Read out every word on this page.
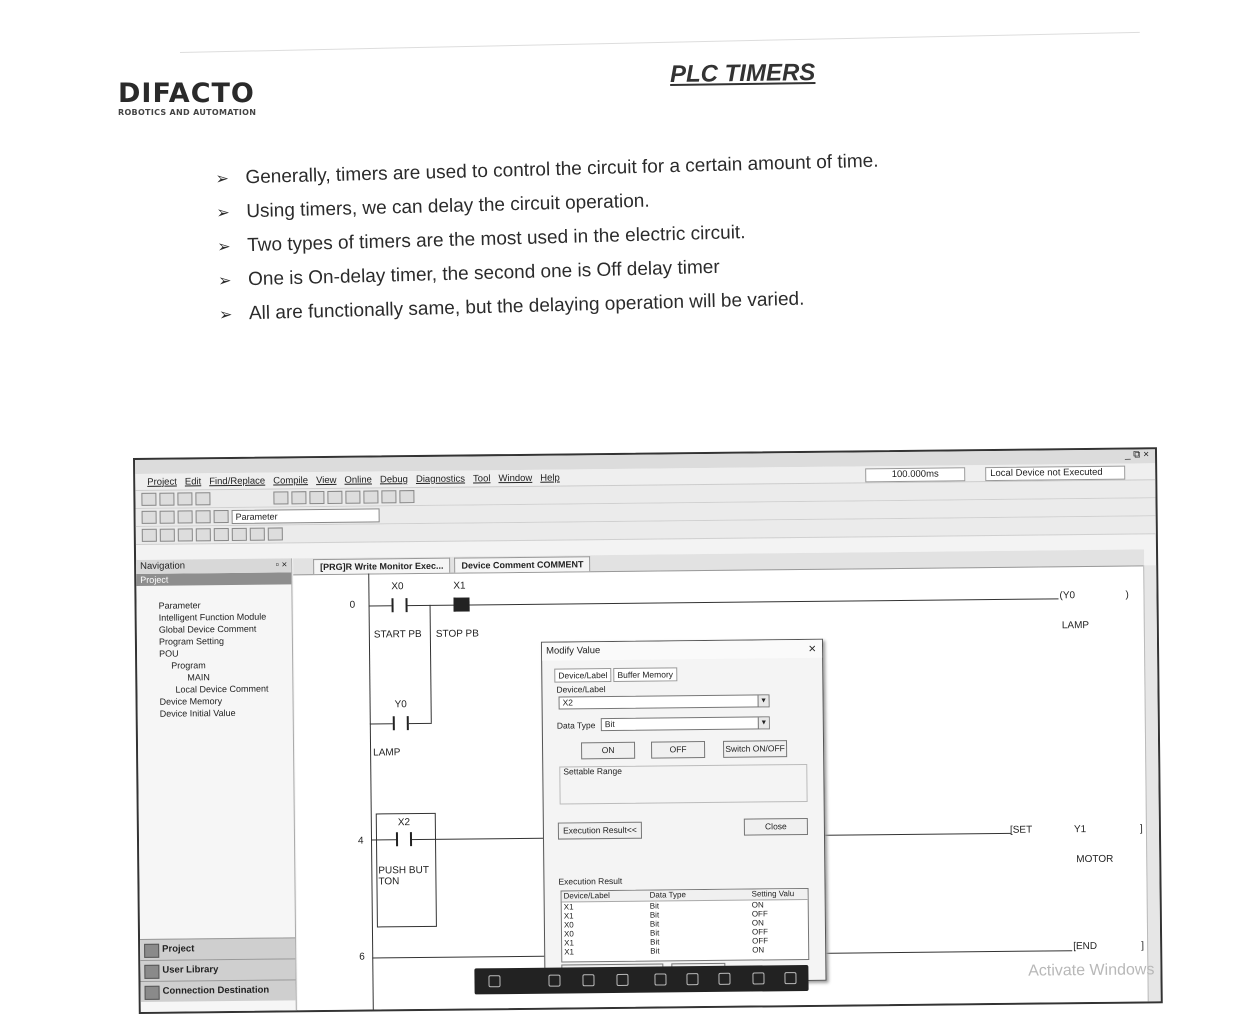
DIFACTO
ROBOTICS AND AUTOMATION
PLC TIMERS
➢ Generally, timers are used to control the circuit for a certain amount of time.
➢ Using timers, we can delay the circuit operation.
➢ Two types of timers are the most used in the electric circuit.
➢ One is On-delay timer, the second one is Off delay timer
➢ All are functionally same, but the delaying operation will be varied.
_ ⧉ ×
Project Edit Find/Replace Compile View Online Debug Diagnostics Tool Window Help	100.000ms	Local Device not Executed
Parameter
Navigation	▫ ×
Project
Parameter
Intelligent Function Module
Global Device Comment
Program Setting
POU
Program
MAIN
Local Device Comment
Device Memory
Device Initial Value
Project
User Library
Connection Destination
[PRG]R Write Monitor Exec...	Device Comment COMMENT
0
4
6
X0	X1
START PB STOP PB
Y0
LAMP
(Y0	)
LAMP
X2
PUSH BUT TON
[SET	Y1	]
MOTOR
[END	]
Modify Value	×
Device/Label	Buffer Memory
Device/Label
X2	▼
Data Type	Bit	▼
ON	OFF	Switch ON/OFF
Settable Range
Execution Result<<	Close
Execution Result
Device/Label	Data Type	Setting Valu
X1	Bit	ON
X1	Bit	OFF
X0	Bit	ON
X0	Bit	OFF
X1	Bit	OFF
X1	Bit	ON
Activate Windows
